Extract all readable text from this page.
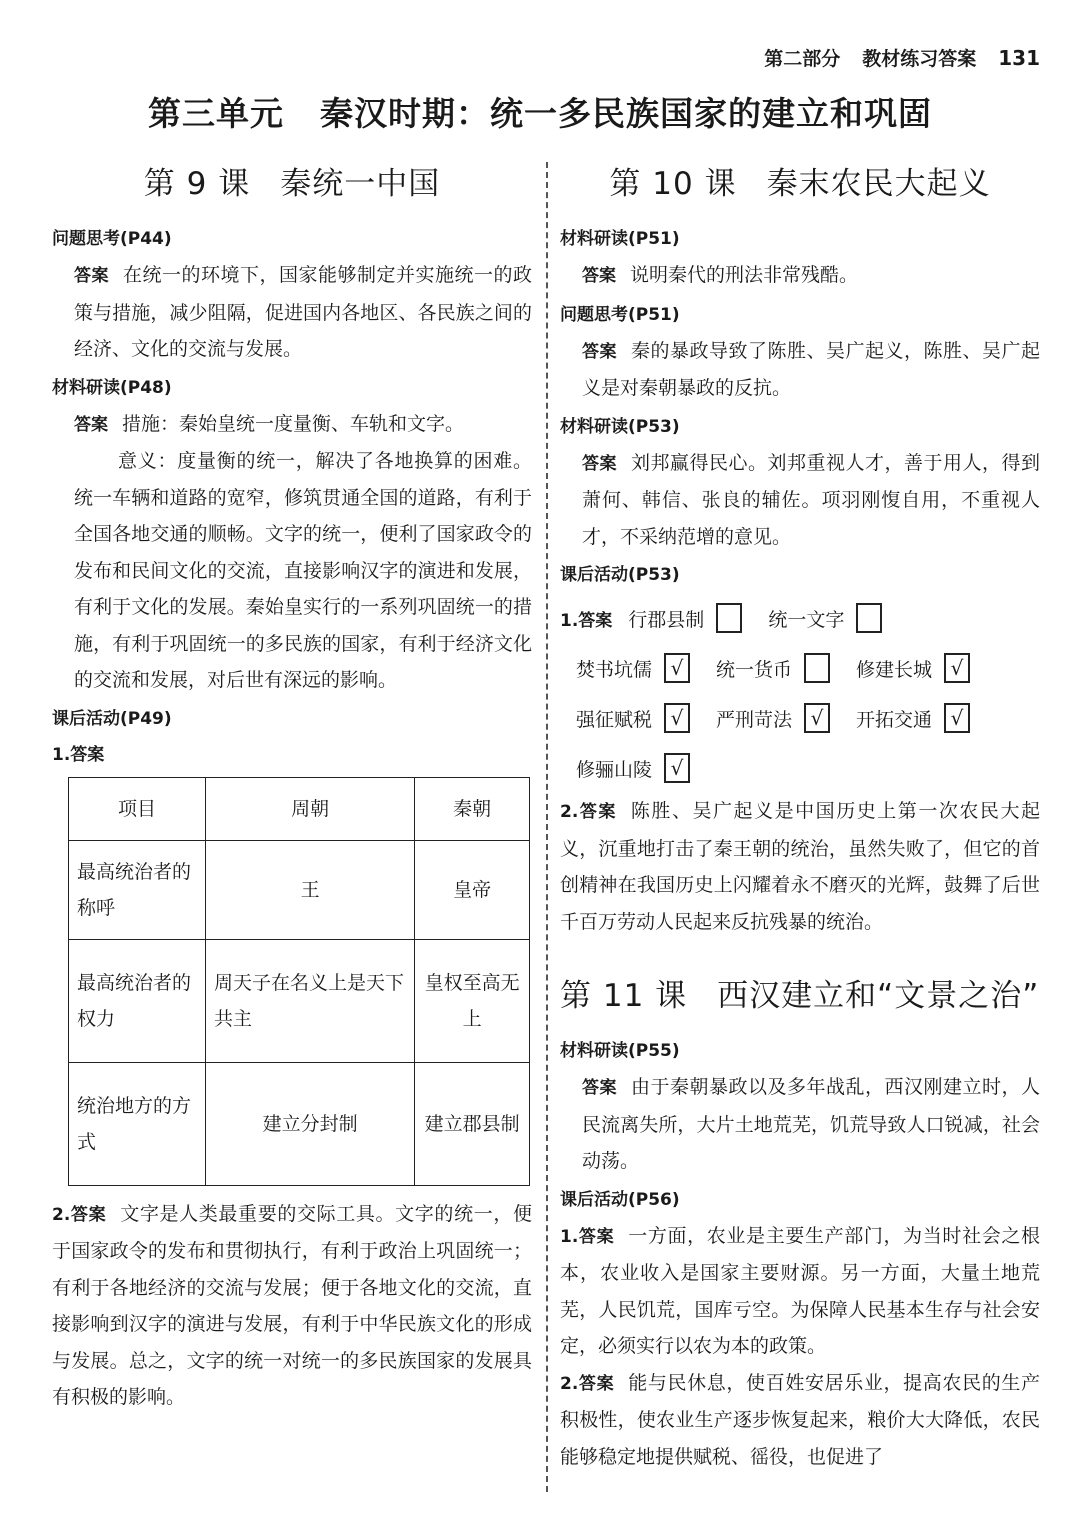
第二部分 教材练习答案 131
第三单元 秦汉时期：统一多民族国家的建立和巩固
第 9 课 秦统一中国
问题思考(P44)

答案 在统一的环境下，国家能够制定并实施统一的政策与措施，减少阻隔，促进国内各地区、各民族之间的经济、文化的交流与发展。

材料研读(P48)

答案 措施：秦始皇统一度量衡、车轨和文字。

意义：度量衡的统一，解决了各地换算的困难。统一车辆和道路的宽窄，修筑贯通全国的道路，有利于全国各地交通的顺畅。文字的统一，便利了国家政令的发布和民间文化的交流，直接影响汉字的演进和发展，有利于文化的发展。秦始皇实行的一系列巩固统一的措施，有利于巩固统一的多民族的国家，有利于经济文化的交流和发展，对后世有深远的影响。

课后活动(P49)
1.答案
项目	周朝	秦朝
最高统治者的称呼	王	皇帝
最高统治者的权力	周天子在名义上是天下共主	皇权至高无上
统治地方的方式	建立分封制	建立郡县制

2.答案 文字是人类最重要的交际工具。文字的统一，便于国家政令的发布和贯彻执行，有利于政治上巩固统一；有利于各地经济的交流与发展；便于各地文化的交流，直接影响到汉字的演进与发展，有利于中华民族文化的形成与发展。总之，文字的统一对统一的多民族国家的发展具有积极的影响。

第 10 课 秦末农民大起义
材料研读(P51)

答案 说明秦代的刑法非常残酷。

问题思考(P51)

答案 秦的暴政导致了陈胜、吴广起义，陈胜、吴广起义是对秦朝暴政的反抗。

材料研读(P53)

答案 刘邦赢得民心。刘邦重视人才，善于用人，得到萧何、韩信、张良的辅佐。项羽刚愎自用，不重视人才，不采纳范增的意见。

课后活动(P53)
1.答案 行郡县制	统一文字
焚书坑儒 √	统一货币	修建长城 √
强征赋税 √	严刑苛法 √	开拓交通 √
修骊山陵 √

2.答案 陈胜、吴广起义是中国历史上第一次农民大起义，沉重地打击了秦王朝的统治，虽然失败了，但它的首创精神在我国历史上闪耀着永不磨灭的光辉，鼓舞了后世千百万劳动人民起来反抗残暴的统治。

第 11 课 西汉建立和“文景之治”
材料研读(P55)

答案 由于秦朝暴政以及多年战乱，西汉刚建立时，人民流离失所，大片土地荒芜，饥荒导致人口锐减，社会动荡。

课后活动(P56)

1.答案 一方面，农业是主要生产部门，为当时社会之根本，农业收入是国家主要财源。另一方面，大量土地荒芜，人民饥荒，国库亏空。为保障人民基本生存与社会安定，必须实行以农为本的政策。

2.答案 能与民休息，使百姓安居乐业，提高农民的生产积极性，使农业生产逐步恢复起来，粮价大大降低，农民能够稳定地提供赋税、徭役，也促进了
